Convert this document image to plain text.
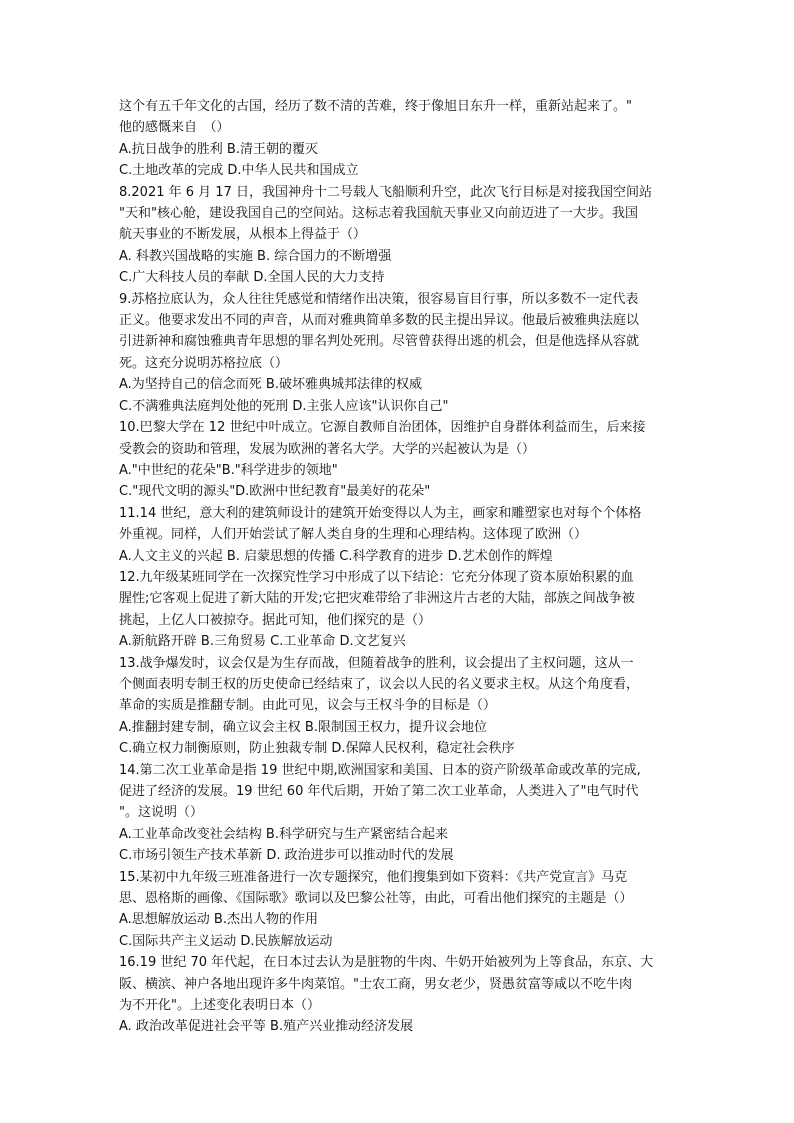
这个有五千年文化的古国，经历了数不清的苦难，终于像旭日东升一样，重新站起来了。"
他的感慨来自　（）
A.抗日战争的胜利 B.清王朝的覆灭
C.土地改革的完成 D.中华人民共和国成立
8.2021 年 6 月 17 日，我国神舟十二号载人飞船顺利升空，此次飞行目标是对接我国空间站
"天和"核心舱，建设我国自己的空间站。这标志着我国航天事业又向前迈进了一大步。我国
航天事业的不断发展，从根本上得益于（）
A. 科教兴国战略的实施 B. 综合国力的不断增强
C.广大科技人员的奉献 D.全国人民的大力支持
9.苏格拉底认为，众人往往凭感觉和情绪作出决策，很容易盲目行事，所以多数不一定代表
正义。他要求发出不同的声音，从而对雅典简单多数的民主提出异议。他最后被雅典法庭以
引进新神和腐蚀雅典青年思想的罪名判处死刑。尽管曾获得出逃的机会，但是他选择从容就
死。这充分说明苏格拉底（）
A.为坚持自己的信念而死 B.破坏雅典城邦法律的权威
C.不满雅典法庭判处他的死刑 D.主张人应该"认识你自己"
10.巴黎大学在 12 世纪中叶成立。它源自教师自治团体，因维护自身群体利益而生，后来接
受教会的资助和管理，发展为欧洲的著名大学。大学的兴起被认为是（）
A."中世纪的花朵"B."科学进步的领地"
C."现代文明的源头"D.欧洲中世纪教育"最美好的花朵"
11.14 世纪，意大利的建筑师设计的建筑开始变得以人为主，画家和雕塑家也对每个个体格
外重视。同样，人们开始尝试了解人类自身的生理和心理结构。这体现了欧洲（）
A.人文主义的兴起 B. 启蒙思想的传播 C.科学教育的进步 D.艺术创作的辉煌
12.九年级某班同学在一次探究性学习中形成了以下结论：它充分体现了资本原始积累的血
腥性;它客观上促进了新大陆的开发;它把灾难带给了非洲这片古老的大陆，部族之间战争被
挑起，上亿人口被掠夺。据此可知，他们探究的是（）
A.新航路开辟 B.三角贸易 C.工业革命 D.文艺复兴
13.战争爆发时，议会仅是为生存而战，但随着战争的胜利，议会提出了主权问题，这从一
个侧面表明专制王权的历史使命已经结束了，议会以人民的名义要求主权。从这个角度看，
革命的实质是推翻专制。由此可见，议会与王权斗争的目标是（）
A.推翻封建专制，确立议会主权 B.限制国王权力，提升议会地位
C.确立权力制衡原则，防止独裁专制 D.保障人民权利，稳定社会秩序
14.第二次工业革命是指 19 世纪中期,欧洲国家和美国、日本的资产阶级革命或改革的完成,
促进了经济的发展。19 世纪 60 年代后期，开始了第二次工业革命，人类进入了"电气时代
"。这说明（）
A.工业革命改变社会结构 B.科学研究与生产紧密结合起来
C.市场引领生产技术革新 D. 政治进步可以推动时代的发展
15.某初中九年级三班准备进行一次专题探究，他们搜集到如下资料：《共产党宣言》马克
思、恩格斯的画像、《国际歌》歌词以及巴黎公社等，由此，可看出他们探究的主题是（）
A.思想解放运动 B.杰出人物的作用
C.国际共产主义运动 D.民族解放运动
16.19 世纪 70 年代起，在日本过去认为是脏物的牛肉、牛奶开始被列为上等食品，东京、大
阪、横滨、神户各地出现许多牛肉菜馆。"士农工商，男女老少，贤愚贫富等咸以不吃牛肉
为不开化"。上述变化表明日本（）
A. 政治改革促进社会平等 B.殖产兴业推动经济发展
